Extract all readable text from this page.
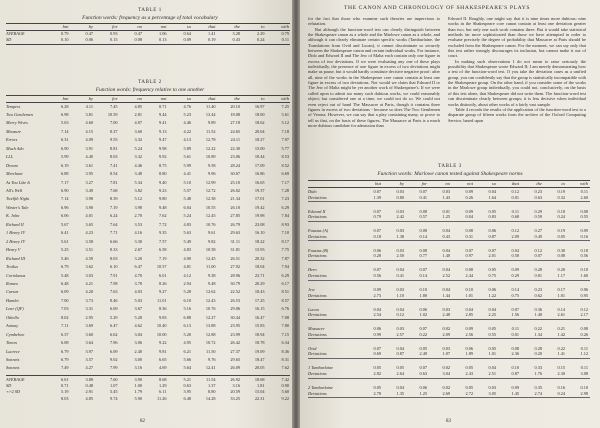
TABLE 1
Function words: frequency as a percentage of total vocabulary
but	by	for	no	not	so	that	the	to	with
AVERAGE	0.79	0.47	0.93	0.47	1.06	0.64	1.41	3.28	2.29	0.79
SD	0.10	0.06	0.15	0.08	0.13	0.09	0.19	0.43	0.24	0.11
TABLE 2
Function words: frequency relative to one another
but	by	for	no	not	so	that	the	to	with
Tempest	6.28	4.11	7.45	4.85	8.71	4.76	11.40	20.10	16.97	7.25
Two Gentlemen	6.98	3.81	10.59	2.81	9.44	5.23	13.44	18.08	18.00	5.61
Merry Wives	5.63	4.60	7.00	4.07	9.41	4.46	9.89	27.18	18.62	5.12
Measure	7.14	4.15	8.37	3.60	9.13	4.22	11.52	24.65	20.04	7.18
Errors	6.31	4.09	9.55	3.32	9.47	4.13	12.78	24.11	18.27	7.97
Much Ado	6.90	3.91	8.81	5.24	9.98	5.89	12.22	22.30	15.00	5.77
LLL	5.99	4.40	8.03	3.32	9.92	5.61	10.89	23.06	18.44	8.53
Dream	6.19	3.61	7.41	4.46	8.75	5.99	9.58	28.24	17.09	8.52
Merchant	6.88	3.95	8.54	3.48	8.80	4.41	9.96	30.67	16.86	6.69
As You Like It	7.17	3.27	7.81	5.34	9.40	5.10	12.99	25.10	16.65	7.17
All's Well	6.90	3.49	7.68	3.82	9.23	5.57	12.72	26.02	19.37	7.28
Twelfth Night	7.14	3.98	8.39	5.12	9.80	5.48	12.38	21.34	17.01	7.23
Winter's Tale	6.96	3.90	7.19	3.98	9.48	6.04	10.55	26.10	19.42	6.29
K. John	6.06	4.01	6.24	2.70	7.62	5.24	12.45	27.85	19.98	7.84
Richard II	5.67	3.65	7.64	3.53	7.72	4.83	10.76	26.79	23.08	8.93
1 Henry IV	6.41	4.23	7.71	4.16	9.35	5.63	9.61	29.63	16.10	7.10
2 Henry IV	5.61	3.58	6.66	3.30	7.57	5.49	9.82	31.11	18.22	8.17
Henry V	5.25	3.51	8.33	2.67	6.58	4.83	10.58	31.81	15.93	7.75
Richard III	5.46	4.59	8.03	3.20	7.19	4.90	12.45	26.51	20.32	7.87
Troilus	6.79	3.62	6.10	6.47	10.57	4.81	11.00	27.92	18.04	7.94
Coriolanus	5.48	3.03	7.91	4.70	6.01	4.12	9.38	28.96	23.71	6.29
Romeo	6.48	4.21	7.98	3.78	8.26	2.94	9.48	30.79	20.29	6.17
Caesar	6.09	4.20	7.63	4.03	9.27	5.28	12.62	22.52	18.43	8.51
Hamlet	7.00	3.73	8.46	5.03	11.01	6.10	12.43	26.53	17.25	8.57
Lear (QF)	7.03	3.31	6.69	3.67	8.36	5.16	10.76	29.06	16.15	6.76
Othello	8.02	2.95	5.29	5.28	9.83	6.88	12.27	30.44	16.47	7.08
Antony	7.11	3.69	6.47	4.62	10.40	6.13	13.88	23.95	15.83	7.80
Cymbeline	6.37	3.60	6.62	3.04	10.00	5.20	12.88	23.99	18.94	7.15
Timon	6.08	3.64	7.96	3.06	9.22	4.95	10.72	26.42	18.78	6.34
Lucrece	6.79	3.97	6.09	2.40	9.81	6.21	11.50	27.37	19.09	8.36
Sonnets	6.79	3.57	9.02	3.00	6.65	5.66	9.76	29.65	18.47	8.31
Sonnets	7.49	4.27	7.99	3.16	4.69	5.64	12.41	26.09	20.05	7.62
AVERAGE	6.61	3.88	7.60	3.90	8.68	5.21	11.54	26.92	18.68	7.42
SD	0.71	0.48	1.07	1.00	1.29	0.63	1.37	3.16	1.81	0.90
+/-2 SD	5.19	2.91	5.45	1.79	6.11	3.95	8.80	20.59	15.04	5.60
8.03	4.85	9.74	5.90	11.26	6.48	14.28	33.25	22.31	9.22
82
THE CANON AND CHRONOLOGY OF SHAKESPEARE'S PLAYS

for the fact that those who examine such theories are impervious to refutation.

But although the function-word test can clearly distinguish between the Shakespeare canon as a whole and the Marlowe canon as a whole, and although it can clearly eliminate certain specific works (Tamburlaine, the Translations from Ovid and Lucan), it cannot discriminate so securely between the Shakespeare canon and certain individual works. For instance, Dido and Edward II and The Jew of Malta each contain only one figure in excess of two deviations. If we were evaluating any one of these plays individually, the presence of one figure in excess of two deviations might make us pause, but it would hardly constitute decisive negative proof: after all, nine of the works in the Shakespeare core canon contain at least one figure in excess of two deviations. Nor would we claim that Edward II or The Jew of Malta might be yet another work of Shakespeare's. If we were called upon to admit too many such dubious works, we could reasonably object; but considered one at a time, we could not do so. We could not even reject out of hand The Massacre at Paris, though it contains three figures in excess of two deviations - because so does The Two Gentlemen of Verona. However, we can say that a play containing many, or prove to tell us that, on the basis of these figures, The Massacre at Paris is a much more dubious candidate for admission than

Edward II. Roughly, one might say that it is nine times more dubious: nine works in the Shakespeare core canon contain at least one deviation greater than two, but only one such work contains three. But it would take statistical methods far more sophisticated than those we have attempted in order to evaluate precisely the degree of probability that Massacre at Paris should be excluded from the Shakespeare canon. For the moment, we can say only that this test rather strongly discourages its inclusion, but cannot make it out of court.

In making such observations I do not mean to raise seriously the possibility that Shakespeare wrote Edward II; I am merely demonstrating how a test of the function-word test. If you take the deviation cases as a unified group, you can confidently say that the group is statistically incompatible with the Shakespeare group. On the other hand, if you consider some of the works in the Marlowe group individually, you could not, conclusively, on the basis of this test alone, that Shakespeare did not write them. The function-word test can discriminate clearly between groups; it is less decisive when individual works distinctly, about other works of a fairly vast sample.

Table 4 records the results of the application of the function-word test to a disparate group of fifteen works from the archive of the Oxford Computing Service, based upon

TABLE 3
Function words: Marlowe canon tested against Shakespeare norms
but	by	for	no	not	so	that	the	to	with
Dido	0.07	0.03	0.07	0.03	0.09	0.04	0.12	0.23	0.19	0.11
Deviations	1.39	0.80	0.41	1.43	0.26	1.64	0.01	0.63	0.32	2.60
Edward II	0.07	0.03	0.08	0.01	0.09	0.05	0.11	0.29	0.18	0.08
Deviations	0.79	2.42	0.57	1.25	0.04	0.83	0.68	0.59	0.24	0.55
Faustus (A)	0.07	0.03	0.08	0.04	0.08	0.06	0.12	0.27	0.19	0.09
Deviations	0.18	1.38	0.14	0.43	0.31	0.87	2.09	0.49	0.05	0.16
Faustus (B)	0.06	0.03	0.08	0.04	0.07	0.07	0.04	0.12	0.30	0.18
Deviations	0.28	2.50	0.77	1.40	0.97	2.01	0.58	0.07	0.08	0.56
Hero	0.07	0.04	0.07	0.04	0.08	0.05	0.09	0.28	0.20	0.10
Deviations	0.56	0.41	0.14	2.52	2.44	0.75	0.29	0.81	1.17	1.60
Jew	0.09	0.03	0.10	0.04	0.10	0.06	0.14	0.23	0.17	0.06
Deviations	2.73	1.10	1.80	1.44	1.01	1.22	0.75	0.62	1.01	0.95
Lucan	0.04	0.04	0.06	0.03	0.04	0.04	0.07	0.36	0.14	0.12
Deviations	2.54	0.12	1.02	2.48	2.85	2.25	1.56	1.40	2.61	2.17
Massacre	0.06	0.03	0.07	0.02	0.09	0.05	0.11	0.22	0.21	0.08
Deviations	0.99	2.57	0.22	2.09	2.56	0.55	0.01	1.34	1.42	0.26
Ovid	0.07	0.04	0.05	0.03	0.06	0.05	0.08	0.28	0.22	0.11
Deviations	0.69	0.87	2.49	1.07	1.89	1.01	2.36	0.20	1.41	1.12
1 Tamburlaine	0.05	0.05	0.07	0.02	0.05	0.04	0.10	0.33	0.15	0.11
Deviations	2.82	2.64	0.63	3.04	2.43	2.51	0.87	1.76	2.30	3.08
2 Tamburlaine	0.05	0.04	0.06	0.02	0.05	0.03	0.09	0.35	0.16	0.10
Deviations	2.78	1.35	1.25	2.69	2.72	3.05	1.45	2.74	0.24	2.98
83
